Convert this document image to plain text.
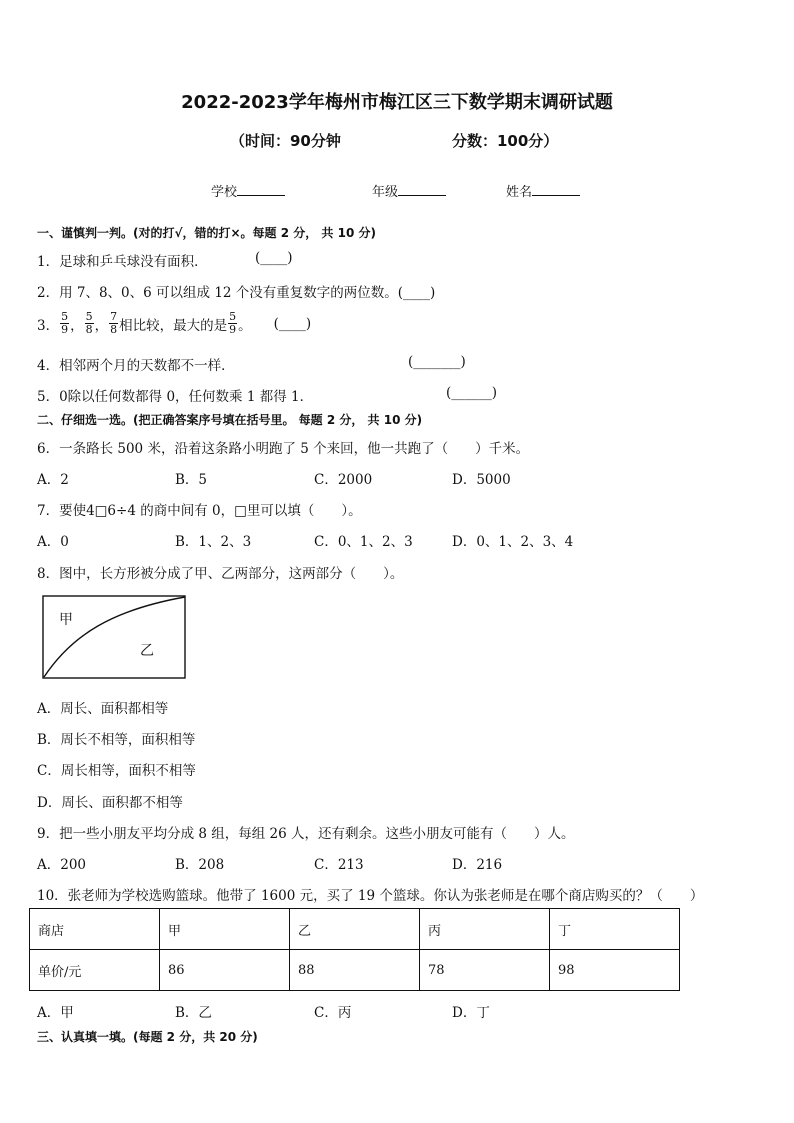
2022-2023学年梅州市梅江区三下数学期末调研试题
（时间：90分钟	分数：100分）
学校	年级	姓名
一、谨慎判一判。(对的打√，错的打×。每题 2 分， 共 10 分)
1．足球和乒乓球没有面积．	(____)
2．用 7、8、0、6 可以组成 12 个没有重复数字的两位数。(____)
3． $\frac{5}{9}$ ， $\frac{5}{8}$ ， $\frac{7}{8}$ 相比较，最大的是 $\frac{5}{9}$ 。 (____)
4．相邻两个月的天数都不一样．	(_______)
5．0除以任何数都得 0，任何数乘 1 都得 1．	(______)
二、仔细选一选。(把正确答案序号填在括号里。 每题 2 分， 共 10 分)
6．一条路长 500 米，沿着这条路小明跑了 5 个来回，他一共跑了（　　）千米。
A．2	B．5	C．2000	D．5000
7．要使4□6÷4 的商中间有 0，□里可以填（　　）。
A．0	B．1、2、3	C．0、1、2、3	D．0、1、2、3、4
8．图中，长方形被分成了甲、乙两部分，这两部分（　　）。
甲
乙
A．周长、面积都相等
B．周长不相等，面积相等
C．周长相等，面积不相等
D．周长、面积都不相等
9．把一些小朋友平均分成 8 组，每组 26 人，还有剩余。这些小朋友可能有（　　）人。
A．200	B．208	C．213	D．216
10．张老师为学校选购篮球。他带了 1600 元，买了 19 个篮球。你认为张老师是在哪个商店购买的？（　　）
商店	甲	乙	丙	丁
单价/元	86	88	78	98
A．甲	B．乙	C．丙	D．丁
三、认真填一填。(每题 2 分，共 20 分)
